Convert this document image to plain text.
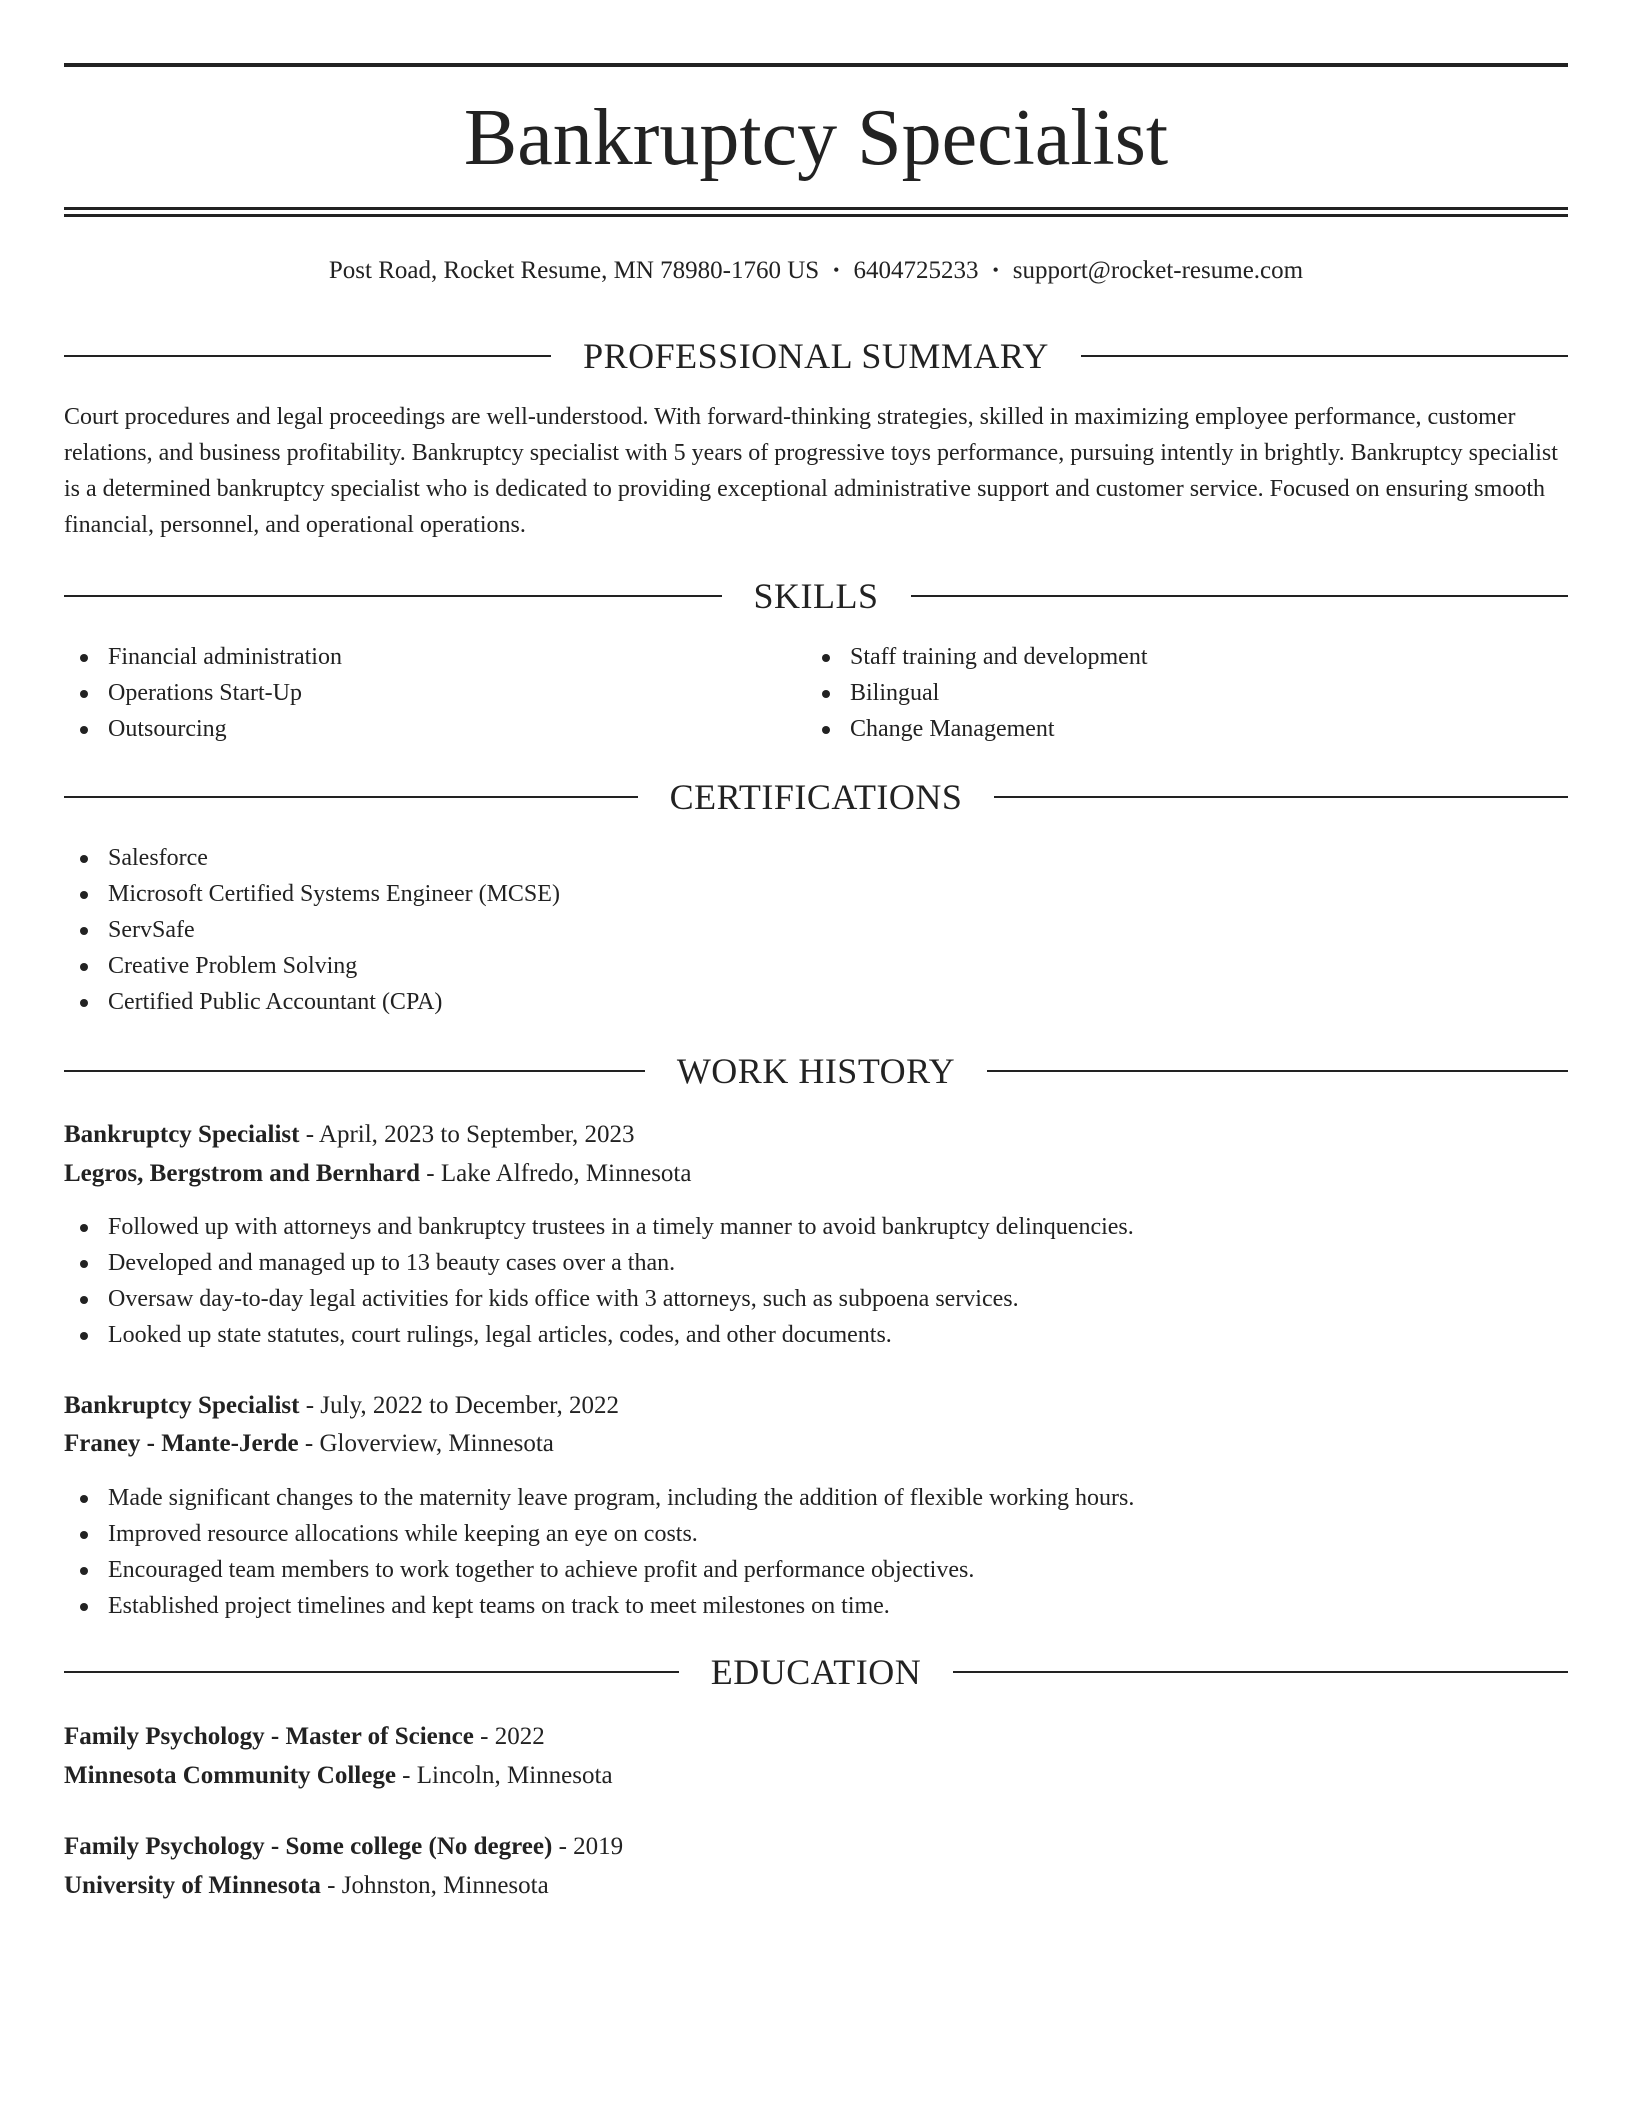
Bankruptcy Specialist
Post Road, Rocket Resume, MN 78980-1760 US • 6404725233 • support@rocket-resume.com
PROFESSIONAL SUMMARY

Court procedures and legal proceedings are well-understood. With forward-thinking strategies, skilled in maximizing employee performance, customer relations, and business profitability. Bankruptcy specialist with 5 years of progressive toys performance, pursuing intently in brightly. Bankruptcy specialist is a determined bankruptcy specialist who is dedicated to providing exceptional administrative support and customer service. Focused on ensuring smooth financial, personnel, and operational operations.

SKILLS
Financial administration
Operations Start-Up
Outsourcing
Staff training and development
Bilingual
Change Management
CERTIFICATIONS
Salesforce
Microsoft Certified Systems Engineer (MCSE)
ServSafe
Creative Problem Solving
Certified Public Accountant (CPA)
WORK HISTORY
Bankruptcy Specialist - April, 2023 to September, 2023
Legros, Bergstrom and Bernhard - Lake Alfredo, Minnesota
Followed up with attorneys and bankruptcy trustees in a timely manner to avoid bankruptcy delinquencies.
Developed and managed up to 13 beauty cases over a than.
Oversaw day-to-day legal activities for kids office with 3 attorneys, such as subpoena services.
Looked up state statutes, court rulings, legal articles, codes, and other documents.
Bankruptcy Specialist - July, 2022 to December, 2022
Franey - Mante-Jerde - Gloverview, Minnesota
Made significant changes to the maternity leave program, including the addition of flexible working hours.
Improved resource allocations while keeping an eye on costs.
Encouraged team members to work together to achieve profit and performance objectives.
Established project timelines and kept teams on track to meet milestones on time.
EDUCATION
Family Psychology - Master of Science - 2022
Minnesota Community College - Lincoln, Minnesota
Family Psychology - Some college (No degree) - 2019
University of Minnesota - Johnston, Minnesota
